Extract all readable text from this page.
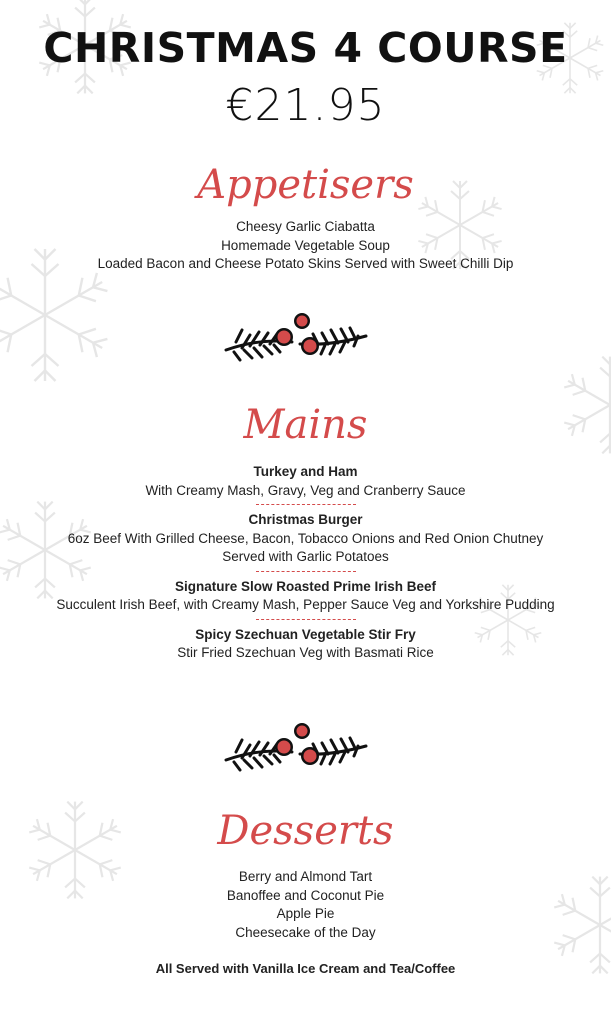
CHRISTMAS 4 COURSE
€21.95
Appetisers
Cheesy Garlic Ciabatta
Homemade Vegetable Soup
Loaded Bacon and Cheese Potato Skins Served with Sweet Chilli Dip
Mains
Turkey and Ham
With Creamy Mash, Gravy, Veg and Cranberry Sauce
Christmas Burger
6oz Beef With Grilled Cheese, Bacon, Tobacco Onions and Red Onion Chutney
Served with Garlic Potatoes
Signature Slow Roasted Prime Irish Beef
Succulent Irish Beef, with Creamy Mash, Pepper Sauce Veg and Yorkshire Pudding
Spicy Szechuan Vegetable Stir Fry
Stir Fried Szechuan Veg with Basmati Rice
Desserts
Berry and Almond Tart
Banoffee and Coconut Pie
Apple Pie
Cheesecake of the Day
All Served with Vanilla Ice Cream and Tea/Coffee
